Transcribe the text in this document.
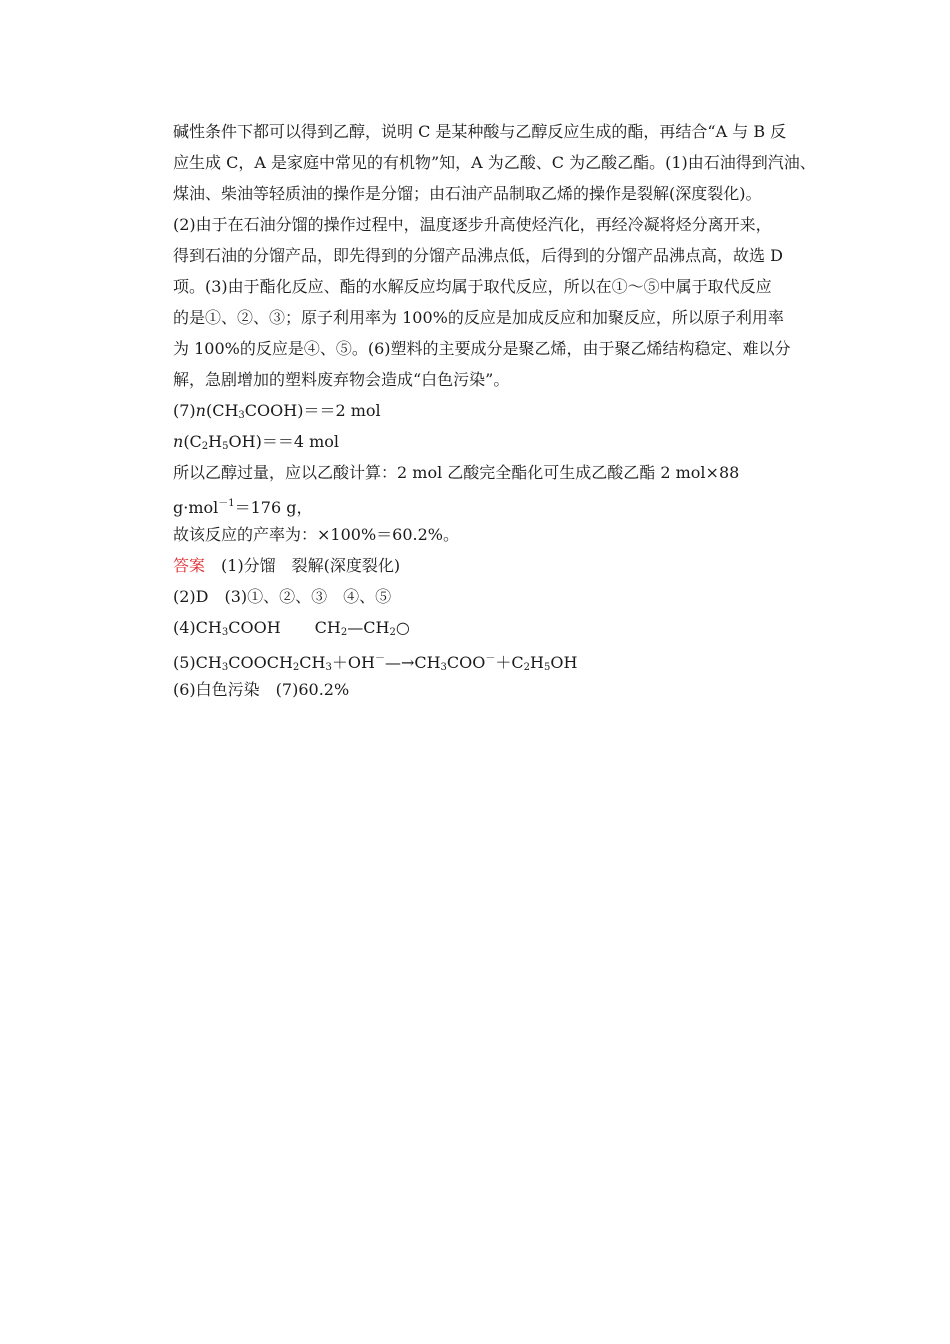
碱性条件下都可以得到乙醇，说明 C 是某种酸与乙醇反应生成的酯，再结合“A 与 B 反
应生成 C，A 是家庭中常见的有机物”知，A 为乙酸、C 为乙酸乙酯。(1)由石油得到汽油、
煤油、柴油等轻质油的操作是分馏；由石油产品制取乙烯的操作是裂解(深度裂化)。
(2)由于在石油分馏的操作过程中，温度逐步升高使烃汽化，再经冷凝将烃分离开来，
得到石油的分馏产品，即先得到的分馏产品沸点低，后得到的分馏产品沸点高，故选 D
项。(3)由于酯化反应、酯的水解反应均属于取代反应，所以在①～⑤中属于取代反应
的是①、②、③；原子利用率为 100%的反应是加成反应和加聚反应，所以原子利用率
为 100%的反应是④、⑤。(6)塑料的主要成分是聚乙烯，由于聚乙烯结构稳定、难以分
解，急剧增加的塑料废弃物会造成“白色污染”。
$(7)n(CH_3COOH)==2$ mol
$n(C_2H_5OH)==4$ mol
所以乙醇过量，应以乙酸计算：2 mol 乙酸完全酯化可生成乙酸乙酯 2 mol×88
g·mol$^{-1}$＝176 g，
故该反应的产率为：×100%＝60.2%。
答案 (1)分馏　裂解(深度裂化)
(2)D　(3)①、②、③　④、⑤
$(4)CH_3COOH$ $CH_2—CH_2○$
$(5)CH_3COOCH_2CH_3+OH^-—\to CH_3COO^-+C_2H_5OH$
(6)白色污染　(7)60.2%
